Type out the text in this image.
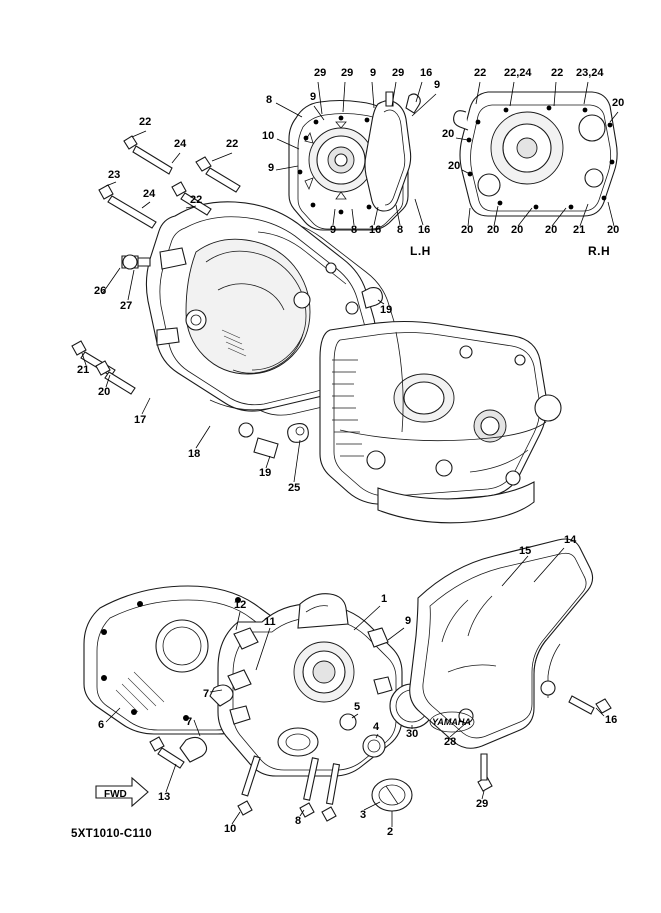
29 29 9 29 16
9
8	9
10
9
9 8 16 8 16
22 22,24 22 23,24
20
20
20
20 20 20 20 21 20
22
24	22
23
24	22
26
27
21
20
17
18
19
19
25
14
15
1
12
11	9
6
7
7
5
4
30
28
16
13
10
8	3
2
29
L.H	R.H
FWD
YAMAHA
5XT1010-C110
